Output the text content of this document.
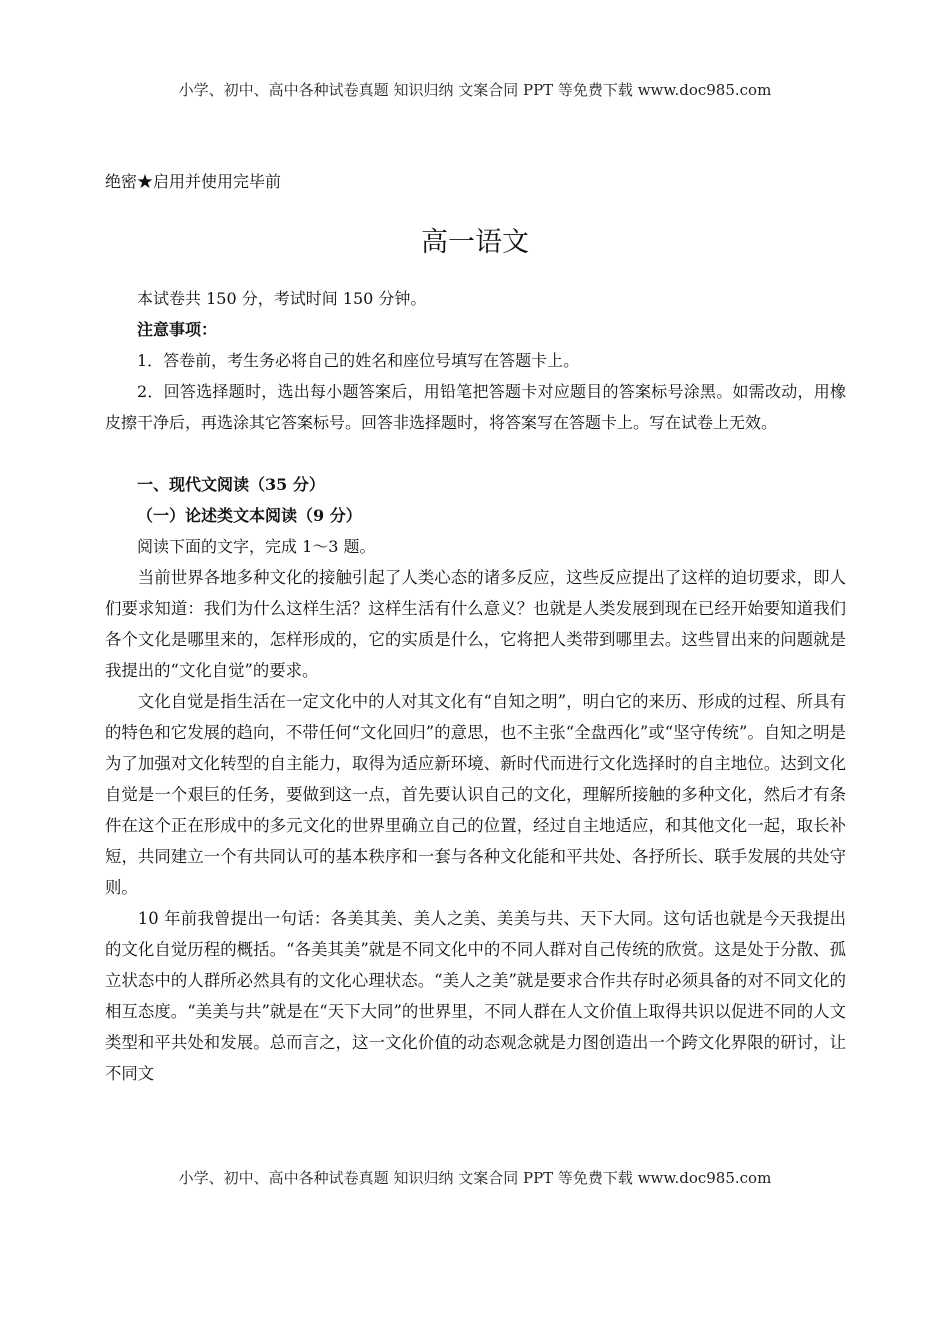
小学、初中、高中各种试卷真题 知识归纳 文案合同 PPT 等免费下载 www.doc985.com
绝密★启用并使用完毕前
高一语文

本试卷共 150 分，考试时间 150 分钟。

注意事项：

1．答卷前，考生务必将自己的姓名和座位号填写在答题卡上。

2．回答选择题时，选出每小题答案后，用铅笔把答题卡对应题目的答案标号涂黑。如需改动，用橡皮擦干净后，再选涂其它答案标号。回答非选择题时，将答案写在答题卡上。写在试卷上无效。

一、现代文阅读（35 分）

（一）论述类文本阅读（9 分）

阅读下面的文字，完成 1～3 题。

当前世界各地多种文化的接触引起了人类心态的诸多反应，这些反应提出了这样的迫切要求，即人们要求知道：我们为什么这样生活？这样生活有什么意义？也就是人类发展到现在已经开始要知道我们各个文化是哪里来的，怎样形成的，它的实质是什么，它将把人类带到哪里去。这些冒出来的问题就是我提出的“文化自觉”的要求。

文化自觉是指生活在一定文化中的人对其文化有“自知之明”，明白它的来历、形成的过程、所具有的特色和它发展的趋向，不带任何“文化回归”的意思，也不主张“全盘西化”或“坚守传统”。自知之明是为了加强对文化转型的自主能力，取得为适应新环境、新时代而进行文化选择时的自主地位。达到文化自觉是一个艰巨的任务，要做到这一点，首先要认识自己的文化，理解所接触的多种文化，然后才有条件在这个正在形成中的多元文化的世界里确立自己的位置，经过自主地适应，和其他文化一起，取长补短，共同建立一个有共同认可的基本秩序和一套与各种文化能和平共处、各抒所长、联手发展的共处守则。

10 年前我曾提出一句话：各美其美、美人之美、美美与共、天下大同。这句话也就是今天我提出的文化自觉历程的概括。“各美其美”就是不同文化中的不同人群对自己传统的欣赏。这是处于分散、孤立状态中的人群所必然具有的文化心理状态。“美人之美”就是要求合作共存时必须具备的对不同文化的相互态度。“美美与共”就是在“天下大同”的世界里，不同人群在人文价值上取得共识以促进不同的人文类型和平共处和发展。总而言之，这一文化价值的动态观念就是力图创造出一个跨文化界限的研讨，让不同文

小学、初中、高中各种试卷真题 知识归纳 文案合同 PPT 等免费下载 www.doc985.com
